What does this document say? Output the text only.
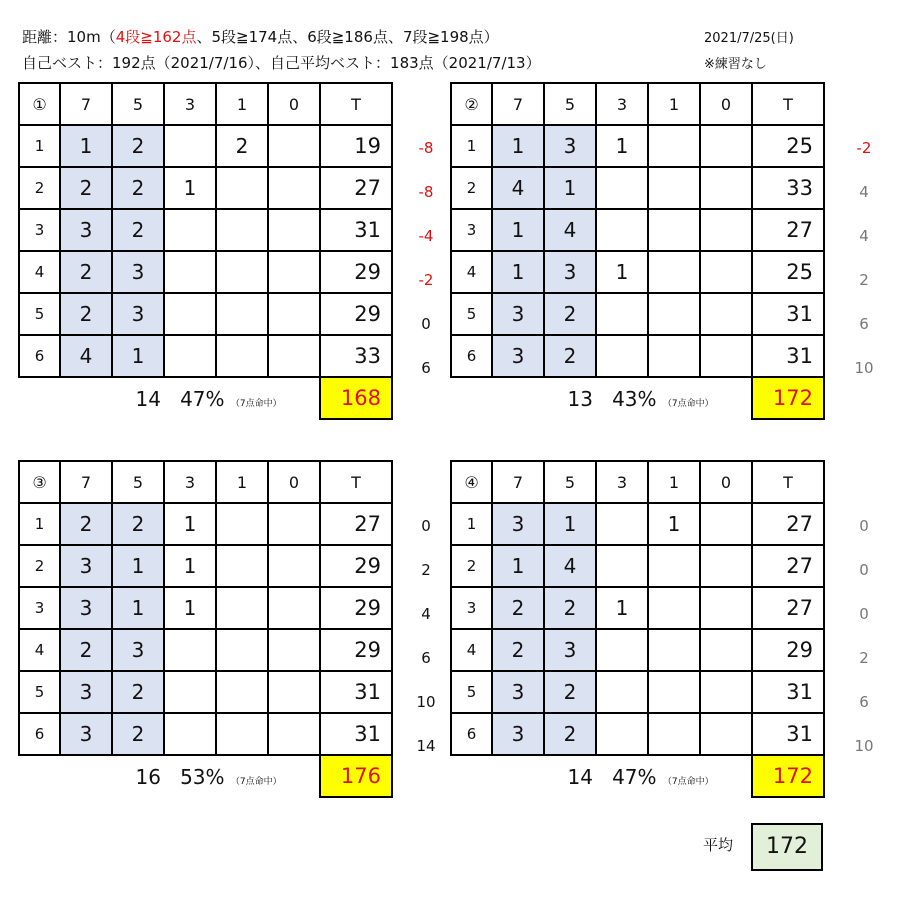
距離：10m（4段≧162点、5段≧174点、6段≧186点、7段≧198点）
自己ベスト：192点（2021/7/16）、自己平均ベスト：183点（2021/7/13）
2021/7/25(日)
※練習なし
①	7	5	3	1	0	T
1	1	2		2		19
2	2	2	1			27
3	3	2				31
4	2	3				29
5	2	3				29
6	4	1				33
	14 47% （7点命中）					168
②	7	5	3	1	0	T
1	1	3	1			25
2	4	1				33
3	1	4				27
4	1	3	1			25
5	3	2				31
6	3	2				31
	13 43% （7点命中）					172
③	7	5	3	1	0	T
1	2	2	1			27
2	3	1	1			29
3	3	1	1			29
4	2	3				29
5	3	2				31
6	3	2				31
	16 53% （7点命中）					176
④	7	5	3	1	0	T
1	3	1		1		27
2	1	4				27
3	2	2	1			27
4	2	3				29
5	3	2				31
6	3	2				31
	14 47% （7点命中）					172
-8
-8
-4
-2
0
6
-2
4
4
2
6
10
0
2
4
6
10
14
0
0
0
2
6
10
平均	172
